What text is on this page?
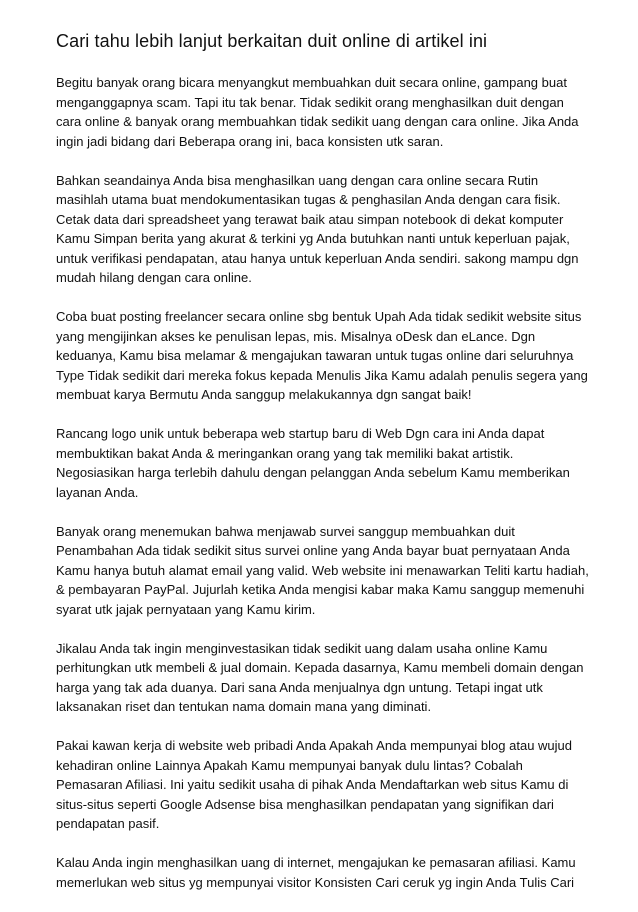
Cari tahu lebih lanjut berkaitan duit online di artikel ini

Begitu banyak orang bicara menyangkut membuahkan duit secara online, gampang buat
menganggapnya scam. Tapi itu tak benar. Tidak sedikit orang menghasilkan duit dengan
cara online & banyak orang membuahkan tidak sedikit uang dengan cara online. Jika Anda
ingin jadi bidang dari Beberapa orang ini, baca konsisten utk saran.

Bahkan seandainya Anda bisa menghasilkan uang dengan cara online secara Rutin
masihlah utama buat mendokumentasikan tugas & penghasilan Anda dengan cara fisik.
Cetak data dari spreadsheet yang terawat baik atau simpan notebook di dekat komputer
Kamu Simpan berita yang akurat & terkini yg Anda butuhkan nanti untuk keperluan pajak,
untuk verifikasi pendapatan, atau hanya untuk keperluan Anda sendiri. sakong mampu dgn
mudah hilang dengan cara online.

Coba buat posting freelancer secara online sbg bentuk Upah Ada tidak sedikit website situs
yang mengijinkan akses ke penulisan lepas, mis. Misalnya oDesk dan eLance. Dgn
keduanya, Kamu bisa melamar & mengajukan tawaran untuk tugas online dari seluruhnya
Type Tidak sedikit dari mereka fokus kepada Menulis Jika Kamu adalah penulis segera yang
membuat karya Bermutu Anda sanggup melakukannya dgn sangat baik!

Rancang logo unik untuk beberapa web startup baru di Web Dgn cara ini Anda dapat
membuktikan bakat Anda & meringankan orang yang tak memiliki bakat artistik.
Negosiasikan harga terlebih dahulu dengan pelanggan Anda sebelum Kamu memberikan
layanan Anda.

Banyak orang menemukan bahwa menjawab survei sanggup membuahkan duit
Penambahan Ada tidak sedikit situs survei online yang Anda bayar buat pernyataan Anda
Kamu hanya butuh alamat email yang valid. Web website ini menawarkan Teliti kartu hadiah,
& pembayaran PayPal. Jujurlah ketika Anda mengisi kabar maka Kamu sanggup memenuhi
syarat utk jajak pernyataan yang Kamu kirim.

Jikalau Anda tak ingin menginvestasikan tidak sedikit uang dalam usaha online Kamu
perhitungkan utk membeli & jual domain. Kepada dasarnya, Kamu membeli domain dengan
harga yang tak ada duanya. Dari sana Anda menjualnya dgn untung. Tetapi ingat utk
laksanakan riset dan tentukan nama domain mana yang diminati.

Pakai kawan kerja di website web pribadi Anda Apakah Anda mempunyai blog atau wujud
kehadiran online Lainnya Apakah Kamu mempunyai banyak dulu lintas? Cobalah
Pemasaran Afiliasi. Ini yaitu sedikit usaha di pihak Anda Mendaftarkan web situs Kamu di
situs-situs seperti Google Adsense bisa menghasilkan pendapatan yang signifikan dari
pendapatan pasif.

Kalau Anda ingin menghasilkan uang di internet, mengajukan ke pemasaran afiliasi. Kamu
memerlukan web situs yg mempunyai visitor Konsisten Cari ceruk yg ingin Anda Tulis Cari
